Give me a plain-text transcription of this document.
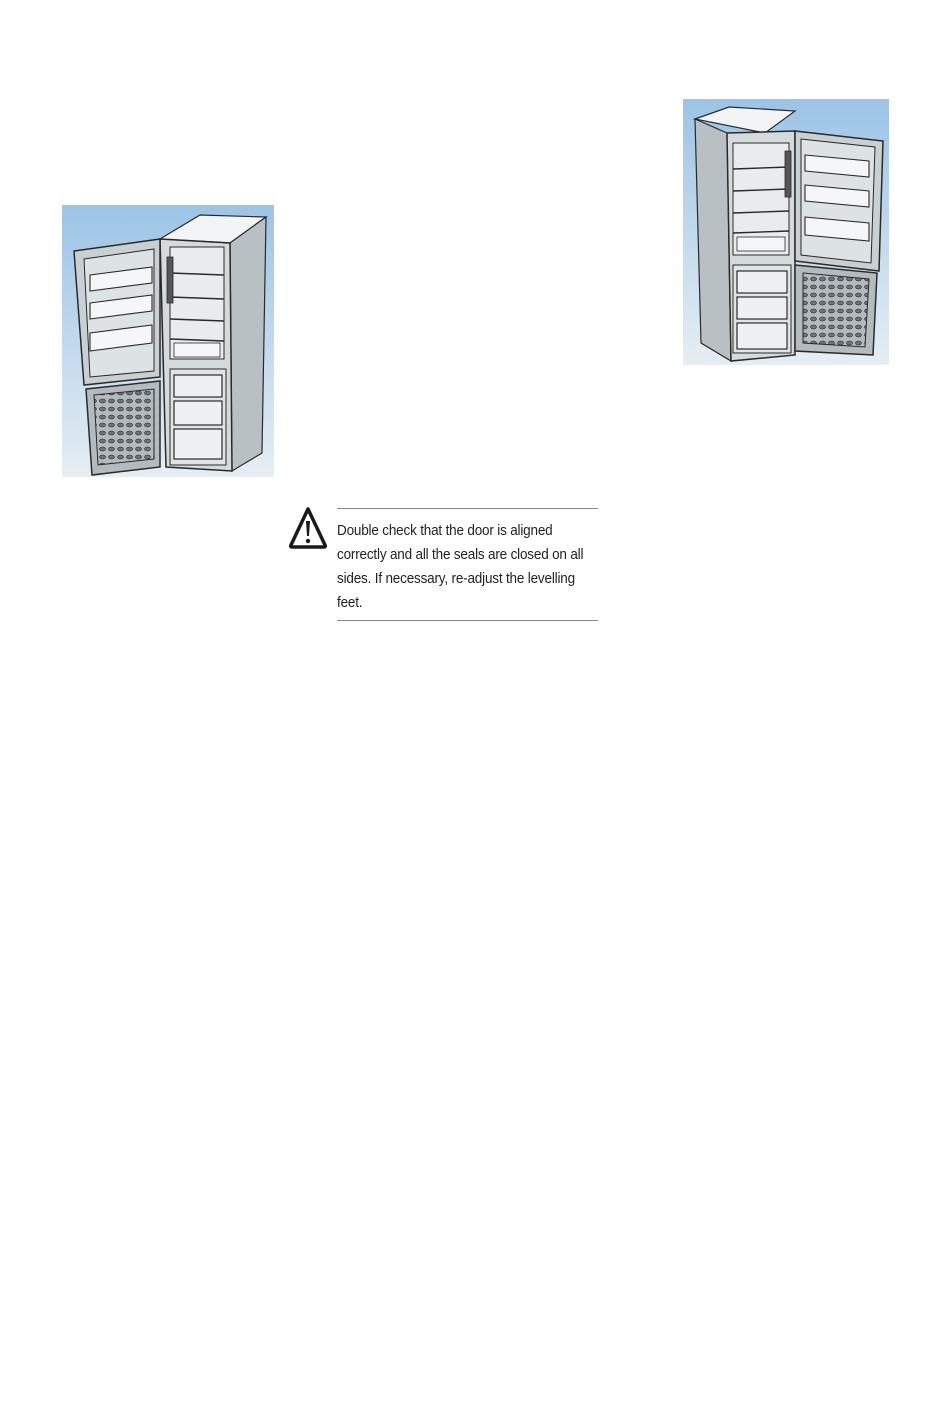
Double check that the door is aligned correctly and all the seals are closed on all sides. If necessary, re-adjust the levelling feet.
